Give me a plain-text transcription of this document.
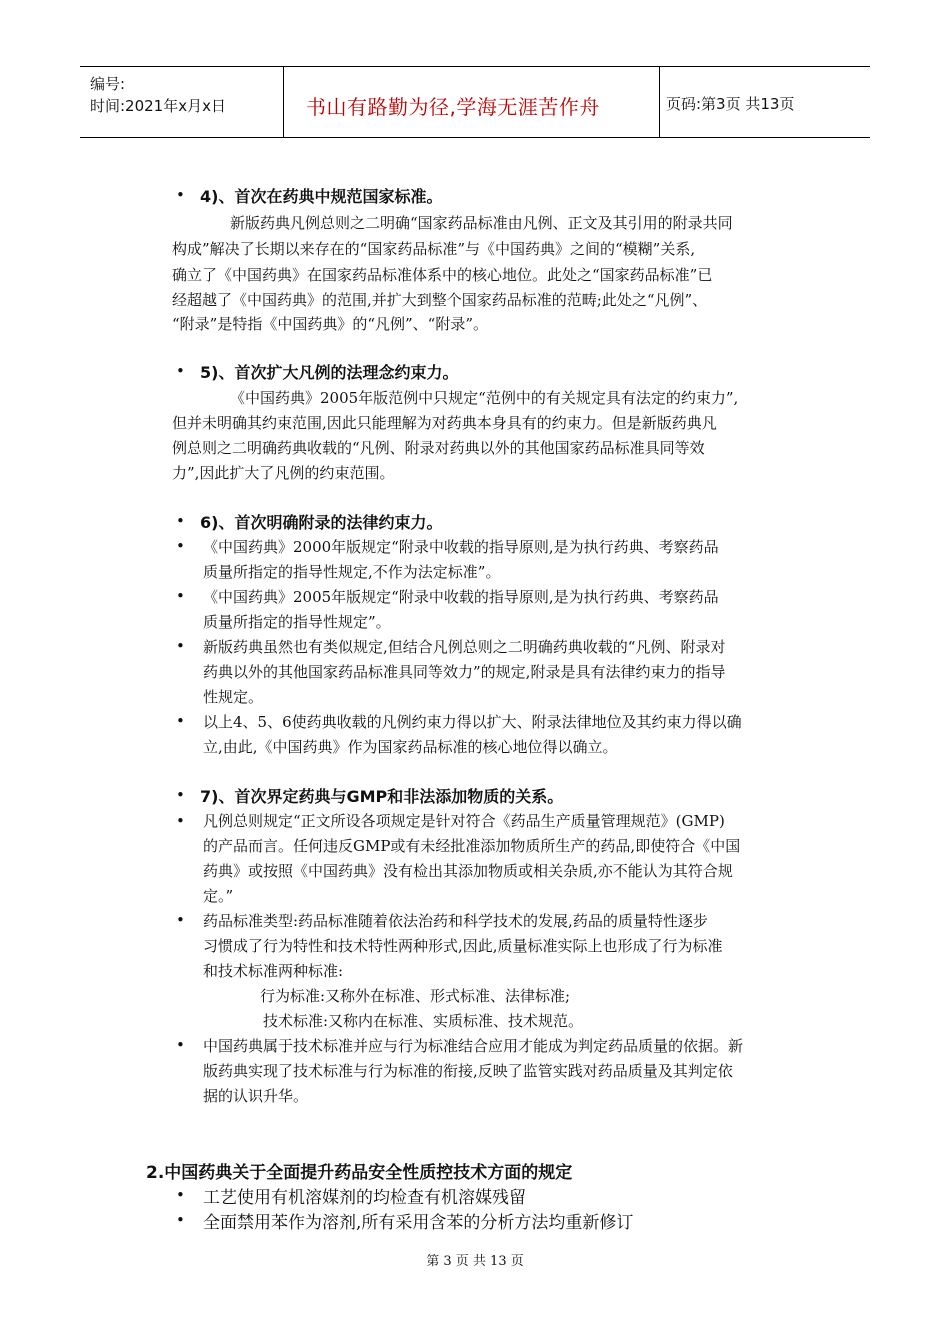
编号:
时间:2021年x月x日	书山有路勤为径,学海无涯苦作舟	页码:第3页 共13页
• 4)、首次在药典中规范国家标准。
新版药典凡例总则之二明确“国家药品标准由凡例、正文及其引用的附录共同
构成”解决了长期以来存在的“国家药品标准”与《中国药典》之间的“模糊”关系,
确立了《中国药典》在国家药品标准体系中的核心地位。此处之“国家药品标准”已
经超越了《中国药典》的范围,并扩大到整个国家药品标准的范畴;此处之“凡例”、
“附录”是特指《中国药典》的“凡例”、“附录”。
• 5)、首次扩大凡例的法理念约束力。
《中国药典》2005年版范例中只规定“范例中的有关规定具有法定的约束力”,
但并未明确其约束范围,因此只能理解为对药典本身具有的约束力。但是新版药典凡
例总则之二明确药典收载的“凡例、附录对药典以外的其他国家药品标准具同等效
力”,因此扩大了凡例的约束范围。
• 6)、首次明确附录的法律约束力。
• 《中国药典》2000年版规定“附录中收载的指导原则,是为执行药典、考察药品
质量所指定的指导性规定,不作为法定标准”。
• 《中国药典》2005年版规定“附录中收载的指导原则,是为执行药典、考察药品
质量所指定的指导性规定”。
• 新版药典虽然也有类似规定,但结合凡例总则之二明确药典收载的“凡例、附录对
药典以外的其他国家药品标准具同等效力”的规定,附录是具有法律约束力的指导
性规定。
• 以上4、5、6使药典收载的凡例约束力得以扩大、附录法律地位及其约束力得以确
立,由此,《中国药典》作为国家药品标准的核心地位得以确立。
• 7)、首次界定药典与GMP和非法添加物质的关系。
• 凡例总则规定“正文所设各项规定是针对符合《药品生产质量管理规范》(GMP)
的产品而言。任何违反GMP或有未经批准添加物质所生产的药品,即使符合《中国
药典》或按照《中国药典》没有检出其添加物质或相关杂质,亦不能认为其符合规
定。”
• 药品标准类型:药品标准随着依法治药和科学技术的发展,药品的质量特性逐步
习惯成了行为特性和技术特性两种形式,因此,质量标准实际上也形成了行为标准
和技术标准两种标准:
行为标准:又称外在标准、形式标准、法律标准;
技术标准:又称内在标准、实质标准、技术规范。
• 中国药典属于技术标准并应与行为标准结合应用才能成为判定药品质量的依据。新
版药典实现了技术标准与行为标准的衔接,反映了监管实践对药品质量及其判定依
据的认识升华。
2.中国药典关于全面提升药品安全性质控技术方面的规定
• 工艺使用有机溶媒剂的均检查有机溶媒残留
• 全面禁用苯作为溶剂,所有采用含苯的分析方法均重新修订
第 3 页 共 13 页
